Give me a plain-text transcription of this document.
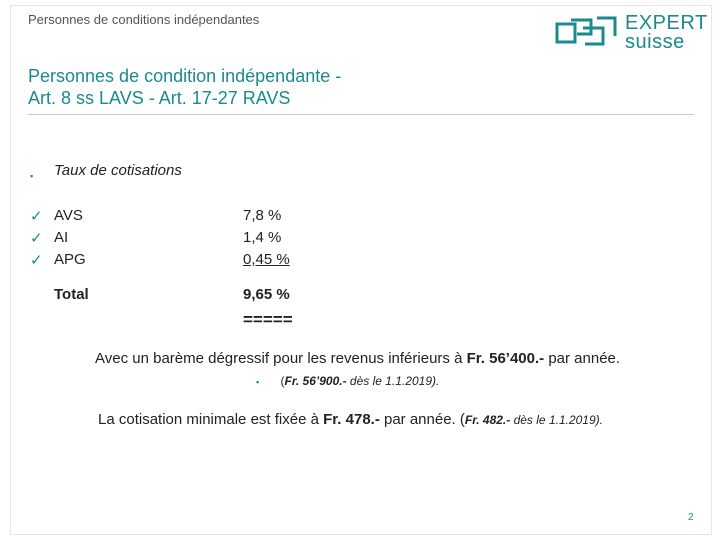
Personnes de conditions indépendantes	EXPERT
suisse
Personnes de condition indépendante -
Art. 8 ss LAVS - Art. 17-27 RAVS
▪ Taux de cotisations
✓ AVS	7,8 %
✓ AI	1,4 %
✓ APG	0,45 %
Total	9,65 %
=====
Avec un barème dégressif pour les revenus inférieurs à Fr. 56’400.- par année.
▪ (Fr. 56’900.- dès le 1.1.2019).
La cotisation minimale est fixée à Fr. 478.- par année. (Fr. 482.- dès le 1.1.2019).
2
